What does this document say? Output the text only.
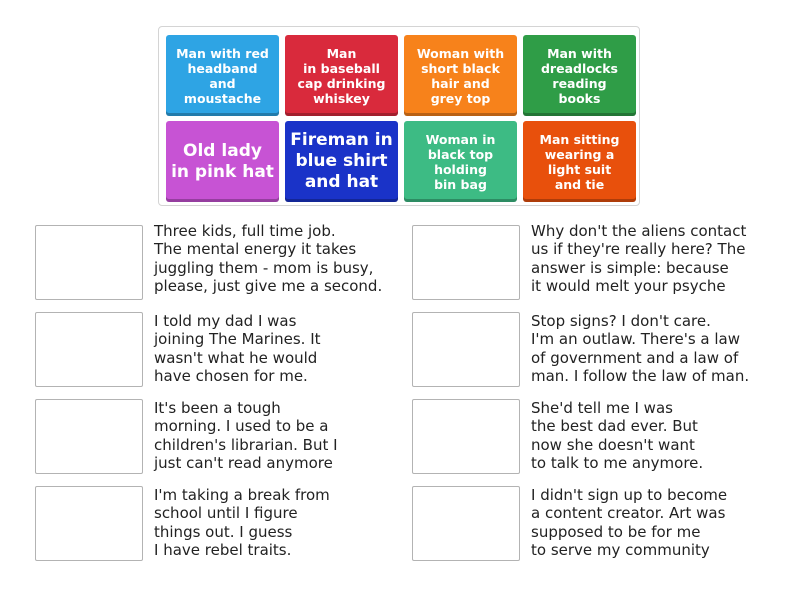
Man with red
headband
and
moustache
Man
in baseball
cap drinking
whiskey
Woman with
short black
hair and
grey top
Man with
dreadlocks
reading
books
Old lady
in pink hat
Fireman in
blue shirt
and hat
Woman in
black top
holding
bin bag
Man sitting
wearing a
light suit
and tie
Three kids, full time job.
The mental energy it takes
juggling them - mom is busy,
please, just give me a second.
Why don't the aliens contact
us if they're really here? The
answer is simple: because
it would melt your psyche
I told my dad I was
joining The Marines. It
wasn't what he would
have chosen for me.
Stop signs? I don't care.
I'm an outlaw. There's a law
of government and a law of
man. I follow the law of man.
It's been a tough
morning. I used to be a
children's librarian. But I
just can't read anymore
She'd tell me I was
the best dad ever. But
now she doesn't want
to talk to me anymore.
I'm taking a break from
school until I figure
things out. I guess
I have rebel traits.
I didn't sign up to become
a content creator. Art was
supposed to be for me
to serve my community
